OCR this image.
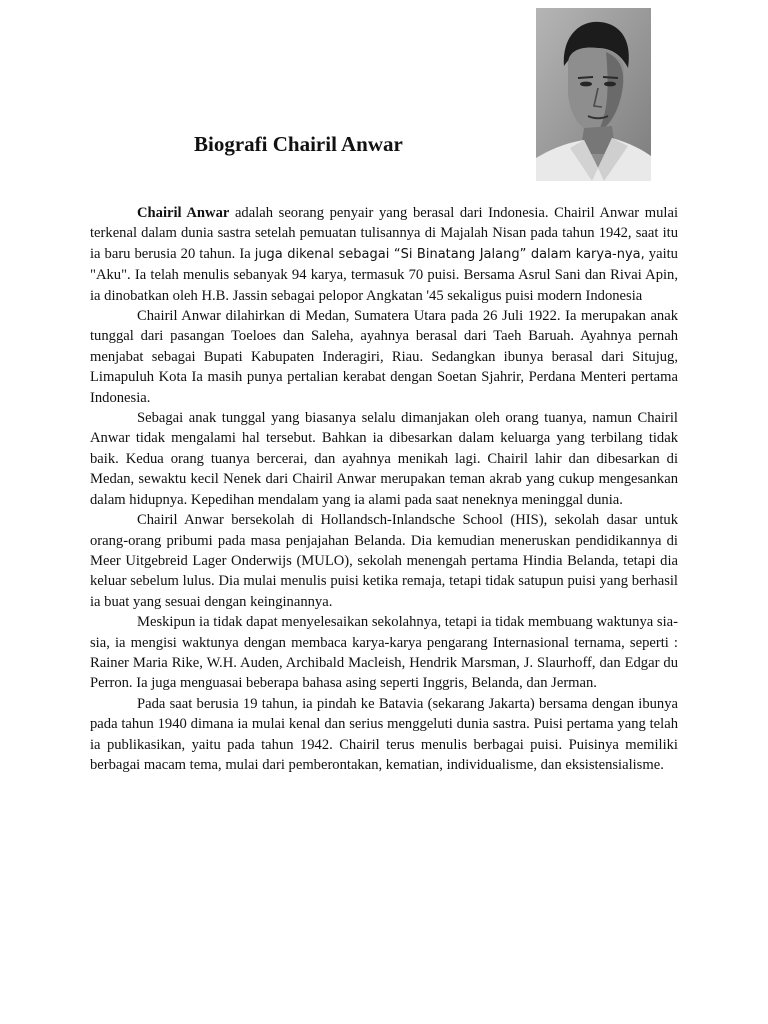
Biografi Chairil Anwar

Chairil Anwar adalah seorang penyair yang berasal dari Indonesia. Chairil Anwar mulai terkenal dalam dunia sastra setelah pemuatan tulisannya di Majalah Nisan pada tahun 1942, saat itu ia baru berusia 20 tahun. Ia juga dikenal sebagai “Si Binatang Jalang” dalam karya-nya, yaitu "Aku". Ia telah menulis sebanyak 94 karya, termasuk 70 puisi. Bersama Asrul Sani dan Rivai Apin, ia dinobatkan oleh H.B. Jassin sebagai pelopor Angkatan '45 sekaligus puisi modern Indonesia

Chairil Anwar dilahirkan di Medan, Sumatera Utara pada 26 Juli 1922. Ia merupakan anak tunggal dari pasangan Toeloes dan Saleha, ayahnya berasal dari Taeh Baruah. Ayahnya pernah menjabat sebagai Bupati Kabupaten Inderagiri, Riau. Sedangkan ibunya berasal dari Situjug, Limapuluh Kota Ia masih punya pertalian kerabat dengan Soetan Sjahrir, Perdana Menteri pertama Indonesia.

Sebagai anak tunggal yang biasanya selalu dimanjakan oleh orang tuanya, namun Chairil Anwar tidak mengalami hal tersebut. Bahkan ia dibesarkan dalam keluarga yang terbilang tidak baik. Kedua orang tuanya bercerai, dan ayahnya menikah lagi. Chairil lahir dan dibesarkan di Medan, sewaktu kecil Nenek dari Chairil Anwar merupakan teman akrab yang cukup mengesankan dalam hidupnya. Kepedihan mendalam yang ia alami pada saat neneknya meninggal dunia.

Chairil Anwar bersekolah di Hollandsch-Inlandsche School (HIS), sekolah dasar untuk orang-orang pribumi pada masa penjajahan Belanda. Dia kemudian meneruskan pendidikannya di Meer Uitgebreid Lager Onderwijs (MULO), sekolah menengah pertama Hindia Belanda, tetapi dia keluar sebelum lulus. Dia mulai menulis puisi ketika remaja, tetapi tidak satupun puisi yang berhasil ia buat yang sesuai dengan keinginannya.

Meskipun ia tidak dapat menyelesaikan sekolahnya, tetapi ia tidak membuang waktunya sia-sia, ia mengisi waktunya dengan membaca karya-karya pengarang Internasional ternama, seperti : Rainer Maria Rike, W.H. Auden, Archibald Macleish, Hendrik Marsman, J. Slaurhoff, dan Edgar du Perron. Ia juga menguasai beberapa bahasa asing seperti Inggris, Belanda, dan Jerman.

Pada saat berusia 19 tahun, ia pindah ke Batavia (sekarang Jakarta) bersama dengan ibunya pada tahun 1940 dimana ia mulai kenal dan serius menggeluti dunia sastra. Puisi pertama yang telah ia publikasikan, yaitu pada tahun 1942. Chairil terus menulis berbagai puisi. Puisinya memiliki berbagai macam tema, mulai dari pemberontakan, kematian, individualisme, dan eksistensialisme.
